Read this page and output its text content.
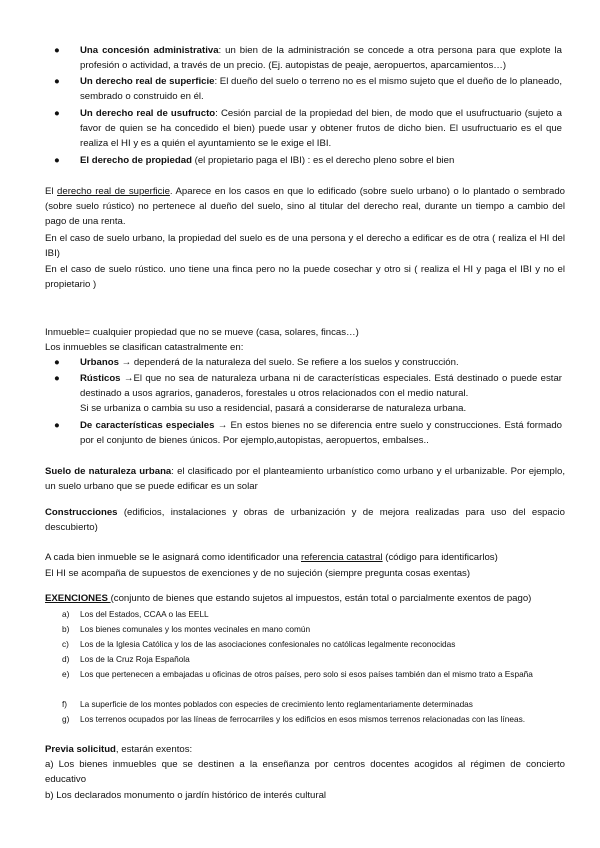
● Una concesión administrativa: un bien de la administración se concede a otra persona para que explote la profesión o actividad, a través de un precio. (Ej. autopistas de peaje, aeropuertos, aparcamientos…)
● Un derecho real de superficie: El dueño del suelo o terreno no es el mismo sujeto que el dueño de lo planeado, sembrado o construido en él.
● Un derecho real de usufructo: Cesión parcial de la propiedad del bien, de modo que el usufructuario (sujeto a favor de quien se ha concedido el bien) puede usar y obtener frutos de dicho bien. El usufructuario es el que realiza el HI y es a quién el ayuntamiento se le exige el IBI.
● El derecho de propiedad (el propietario paga el IBI) : es el derecho pleno sobre el bien
El derecho real de superficie. Aparece en los casos en que lo edificado (sobre suelo urbano) o lo plantado o sembrado (sobre suelo rústico) no pertenece al dueño del suelo, sino al titular del derecho real, durante un tiempo a cambio del pago de una renta.
En el caso de suelo urbano, la propiedad del suelo es de una persona y el derecho a edificar es de otra ( realiza el HI del IBI)
En el caso de suelo rústico. uno tiene una finca pero no la puede cosechar y otro si ( realiza el HI y paga el IBI y no el propietario )
Inmueble= cualquier propiedad que no se mueve (casa, solares, fincas…)
Los inmuebles se clasifican catastralmente en:
● Urbanos → dependerá de la naturaleza del suelo. Se refiere a los suelos y construcción.
● Rústicos →El que no sea de naturaleza urbana ni de características especiales. Está destinado o puede estar destinado a usos agrarios, ganaderos, forestales u otros relacionados con el medio natural.
Si se urbaniza o cambia su uso a residencial, pasará a considerarse de naturaleza urbana.
● De características especiales → En estos bienes no se diferencia entre suelo y construcciones. Está formado por el conjunto de bienes únicos. Por ejemplo,autopistas, aeropuertos, embalses..
Suelo de naturaleza urbana: el clasificado por el planteamiento urbanístico como urbano y el urbanizable. Por ejemplo, un suelo urbano que se puede edificar es un solar
Construcciones (edificios, instalaciones y obras de urbanización y de mejora realizadas para uso del espacio descubierto)
A cada bien inmueble se le asignará como identificador una referencia catastral (código para identificarlos)
El HI se acompaña de supuestos de exenciones y de no sujeción (siempre pregunta cosas exentas)
EXENCIONES (conjunto de bienes que estando sujetos al impuestos, están total o parcialmente exentos de pago)
a) Los del Estados, CCAA o las EELL
b) Los bienes comunales y los montes vecinales en mano común
c) Los de la Iglesia Católica y los de las asociaciones confesionales no católicas legalmente reconocidas
d) Los de la Cruz Roja Española
e) Los que pertenecen a embajadas u oficinas de otros países, pero solo si esos países también dan el mismo trato a España
f) La superficie de los montes poblados con especies de crecimiento lento reglamentariamente determinadas
g) Los terrenos ocupados por las líneas de ferrocarriles y los edificios en esos mismos terrenos relacionadas con las líneas.
Previa solicitud, estarán exentos:
a) Los bienes inmuebles que se destinen a la enseñanza por centros docentes acogidos al régimen de concierto educativo
b) Los declarados monumento o jardín histórico de interés cultural
